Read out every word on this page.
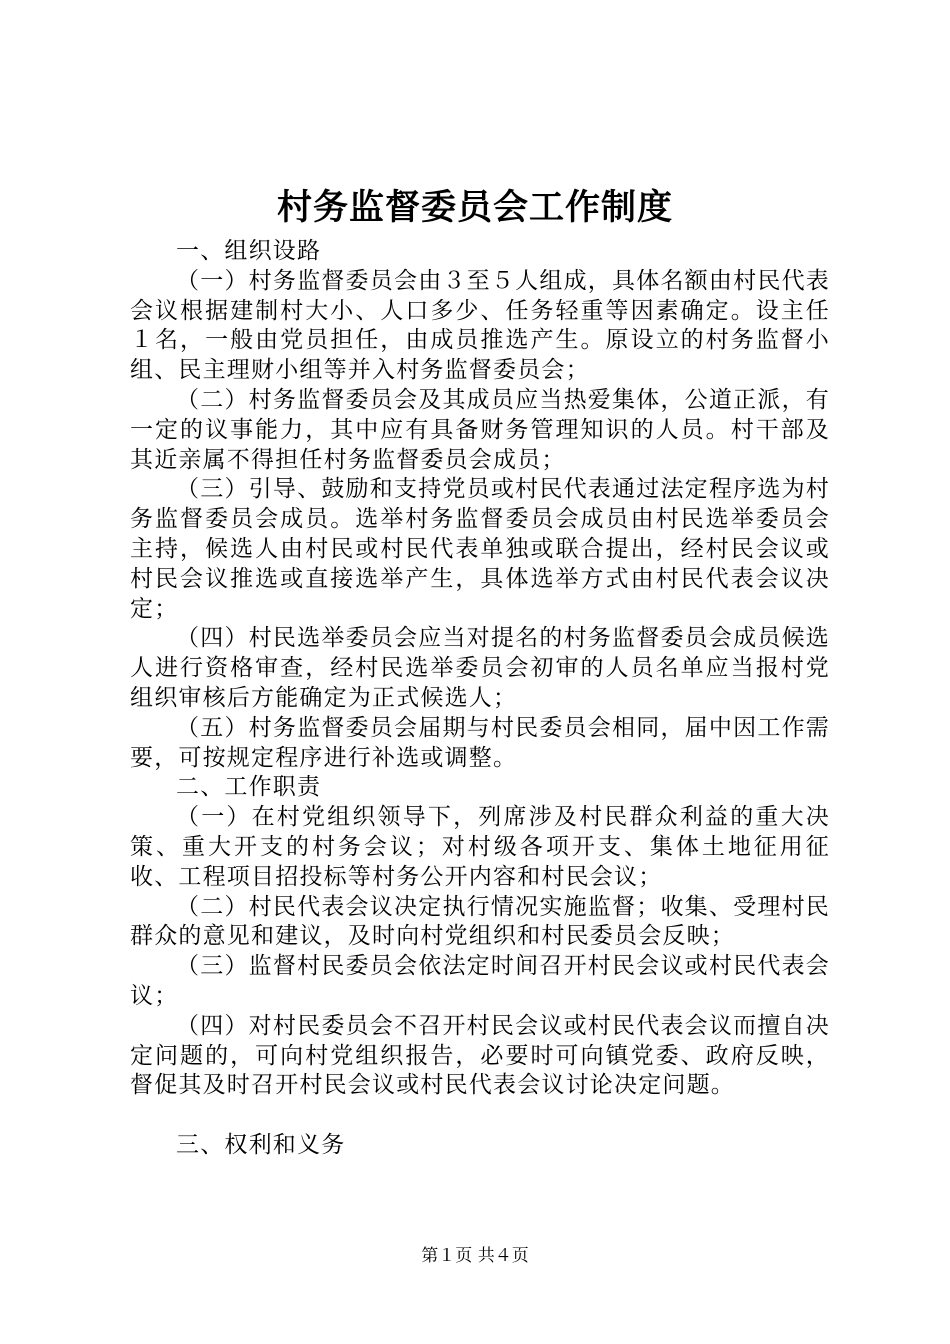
村务监督委员会工作制度

一、组织设路

（一）村务监督委员会由３至５人组成，具体名额由村民代表会议根据建制村大小、人口多少、任务轻重等因素确定。设主任１名，一般由党员担任，由成员推选产生。原设立的村务监督小组、民主理财小组等并入村务监督委员会；

（二）村务监督委员会及其成员应当热爱集体，公道正派，有一定的议事能力，其中应有具备财务管理知识的人员。村干部及其近亲属不得担任村务监督委员会成员；

（三）引导、鼓励和支持党员或村民代表通过法定程序选为村务监督委员会成员。选举村务监督委员会成员由村民选举委员会主持，候选人由村民或村民代表单独或联合提出，经村民会议或村民会议推选或直接选举产生，具体选举方式由村民代表会议决定；

（四）村民选举委员会应当对提名的村务监督委员会成员候选人进行资格审查，经村民选举委员会初审的人员名单应当报村党组织审核后方能确定为正式候选人；

（五）村务监督委员会届期与村民委员会相同，届中因工作需要，可按规定程序进行补选或调整。

二、工作职责

（一）在村党组织领导下，列席涉及村民群众利益的重大决策、重大开支的村务会议；对村级各项开支、集体土地征用征收、工程项目招投标等村务公开内容和村民会议；

（二）村民代表会议决定执行情况实施监督；收集、受理村民群众的意见和建议，及时向村党组织和村民委员会反映；

（三）监督村民委员会依法定时间召开村民会议或村民代表会议；

（四）对村民委员会不召开村民会议或村民代表会议而擅自决定问题的，可向村党组织报告，必要时可向镇党委、政府反映，督促其及时召开村民会议或村民代表会议讨论决定问题。

三、权利和义务

第１页 共４页
